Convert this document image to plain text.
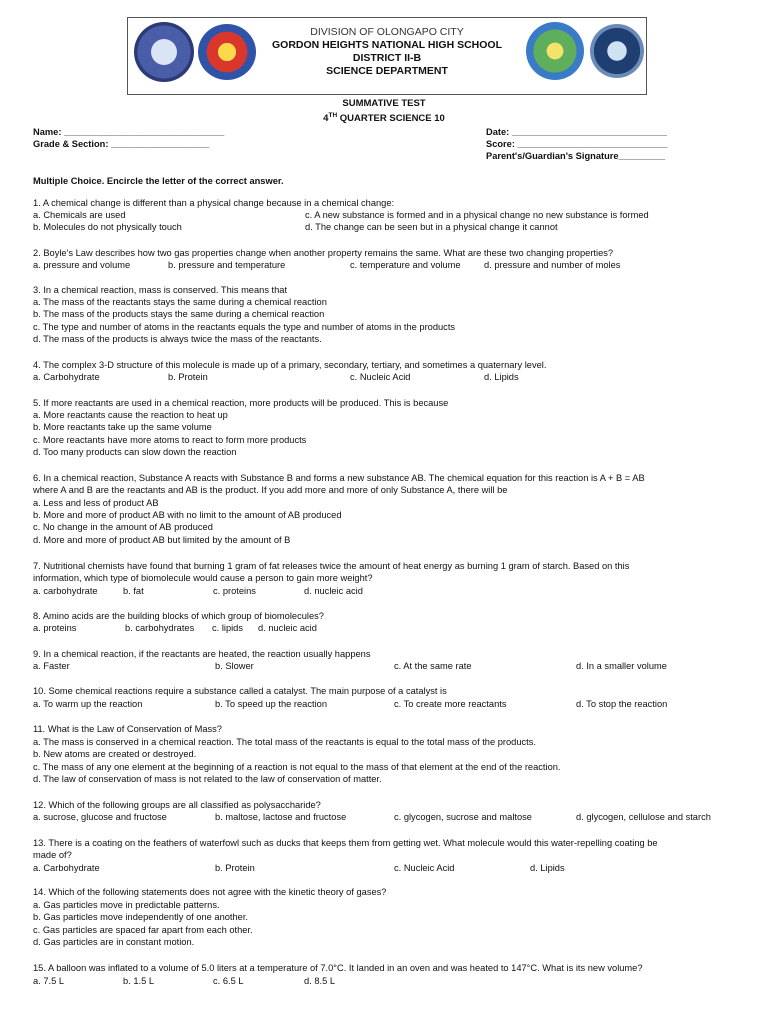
DIVISION OF OLONGAPO CITY
GORDON HEIGHTS NATIONAL HIGH SCHOOL
DISTRICT II-B
SCIENCE DEPARTMENT
SUMMATIVE TEST
4TH QUARTER SCIENCE 10
Name: _______________________________
Grade & Section: ___________________
Date: ______________________________
Score: _____________________________
Parent's/Guardian's Signature_________
Multiple Choice. Encircle the letter of the correct answer.
1. A chemical change is different than a physical change because in a chemical change:
a. Chemicals are used	c. A new substance is formed and in a physical change no new substance is formed
b. Molecules do not physically touch	d. The change can be seen but in a physical change it cannot
2. Boyle's Law describes how two gas properties change when another property remains the same. What are these two changing properties?
a. pressure and volume	b. pressure and temperature	c. temperature and volume	d. pressure and number of moles
3. In a chemical reaction, mass is conserved. This means that
a. The mass of the reactants stays the same during a chemical reaction
b. The mass of the products stays the same during a chemical reaction
c. The type and number of atoms in the reactants equals the type and number of atoms in the products
d. The mass of the products is always twice the mass of the reactants.
4. The complex 3-D structure of this molecule is made up of a primary, secondary, tertiary, and sometimes a quaternary level.
a. Carbohydrate	b. Protein	c. Nucleic Acid	d. Lipids
5. If more reactants are used in a chemical reaction, more products will be produced. This is because
a. More reactants cause the reaction to heat up
b. More reactants take up the same volume
c. More reactants have more atoms to react to form more products
d. Too many products can slow down the reaction
6. In a chemical reaction, Substance A reacts with Substance B and forms a new substance AB. The chemical equation for this reaction is A + B = AB
where A and B are the reactants and AB is the product. If you add more and more of only Substance A, there will be
a. Less and less of product AB
b. More and more of product AB with no limit to the amount of AB produced
c. No change in the amount of AB produced
d. More and more of product AB but limited by the amount of B
7. Nutritional chemists have found that burning 1 gram of fat releases twice the amount of heat energy as burning 1 gram of starch. Based on this
information, which type of biomolecule would cause a person to gain more weight?
a. carbohydrate	b. fat	c. proteins	d. nucleic acid
8. Amino acids are the building blocks of which group of biomolecules?
a. proteins	b. carbohydrates c. lipids d. nucleic acid
9. In a chemical reaction, if the reactants are heated, the reaction usually happens
a. Faster	b. Slower	c. At the same rate	d. In a smaller volume
10. Some chemical reactions require a substance called a catalyst. The main purpose of a catalyst is
a. To warm up the reaction	b. To speed up the reaction	c. To create more reactants	d. To stop the reaction
11. What is the Law of Conservation of Mass?
a. The mass is conserved in a chemical reaction. The total mass of the reactants is equal to the total mass of the products.
b. New atoms are created or destroyed.
c. The mass of any one element at the beginning of a reaction is not equal to the mass of that element at the end of the reaction.
d. The law of conservation of mass is not related to the law of conservation of matter.
12. Which of the following groups are all classified as polysaccharide?
a. sucrose, glucose and fructose	b. maltose, lactose and fructose	c. glycogen, sucrose and maltose	d. glycogen, cellulose and starch
13. There is a coating on the feathers of waterfowl such as ducks that keeps them from getting wet. What molecule would this water-repelling coating be
made of?
a. Carbohydrate	b. Protein	c. Nucleic Acid	d. Lipids
14. Which of the following statements does not agree with the kinetic theory of gases?
a. Gas particles move in predictable patterns.
b. Gas particles move independently of one another.
c. Gas particles are spaced far apart from each other.
d. Gas particles are in constant motion.
15. A balloon was inflated to a volume of 5.0 liters at a temperature of 7.0°C. It landed in an oven and was heated to 147°C. What is its new volume?
a. 7.5 L	b. 1.5 L	c. 6.5 L	d. 8.5 L
